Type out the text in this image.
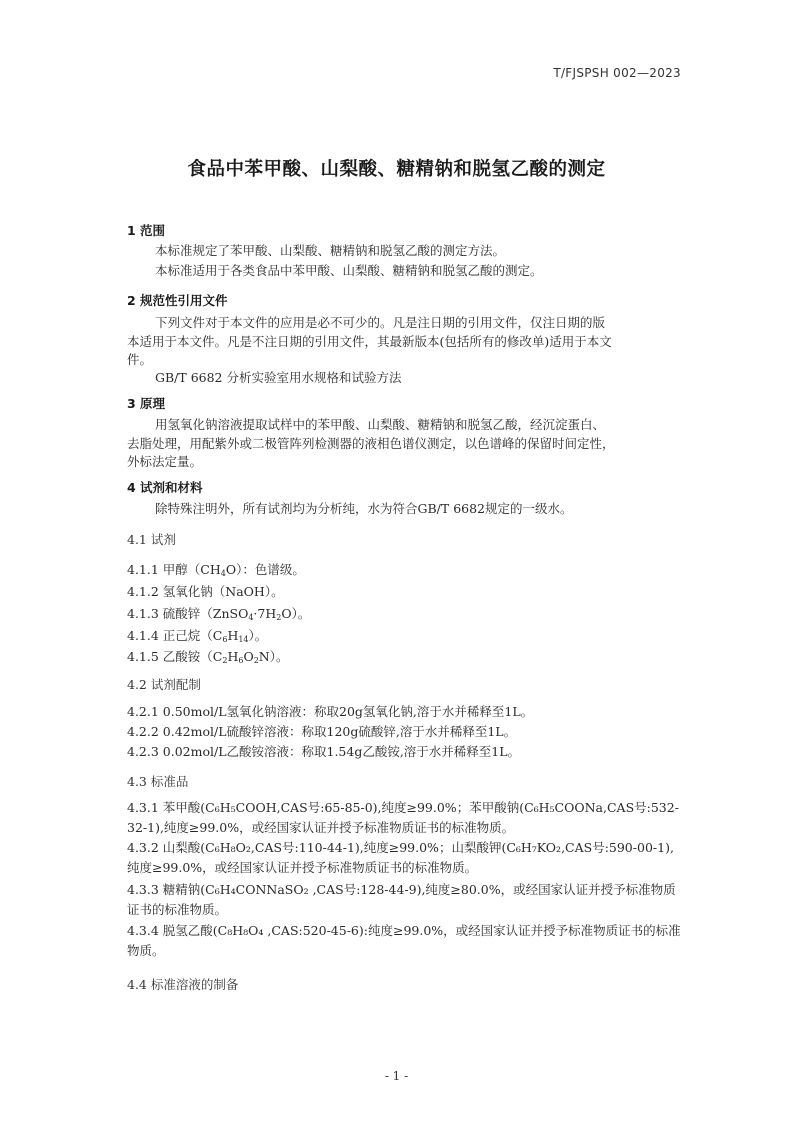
T/FJSPSH 002—2023
食品中苯甲酸、山梨酸、糖精钠和脱氢乙酸的测定
1 范围
本标准规定了苯甲酸、山梨酸、糖精钠和脱氢乙酸的测定方法。
本标准适用于各类食品中苯甲酸、山梨酸、糖精钠和脱氢乙酸的测定。
2 规范性引用文件
下列文件对于本文件的应用是必不可少的。凡是注日期的引用文件，仅注日期的版
本适用于本文件。凡是不注日期的引用文件，其最新版本(包括所有的修改单)适用于本文
件。
GB/T 6682 分析实验室用水规格和试验方法
3 原理
用氢氧化钠溶液提取试样中的苯甲酸、山梨酸、糖精钠和脱氢乙酸，经沉淀蛋白、
去脂处理，用配紫外或二极管阵列检测器的液相色谱仪测定，以色谱峰的保留时间定性，
外标法定量。
4 试剂和材料
除特殊注明外，所有试剂均为分析纯，水为符合GB/T 6682规定的一级水。
4.1 试剂
4.1.1 甲醇$(CH_4O)$：色谱级。
4.1.2 氢氧化钠（NaOH）。
4.1.3 硫酸锌$(ZnSO_4\cdot 7H_2O)$。
4.1.4 正己烷$(C_6H_{14})$。
4.1.5 乙酸铵$(C_2H_6O_2N)$。
4.2 试剂配制
4.2.1 0.50mol/L氢氧化钠溶液：称取20g氢氧化钠,溶于水并稀释至1L。
4.2.2 0.42mol/L硫酸锌溶液：称取120g硫酸锌,溶于水并稀释至1L。
4.2.3 0.02mol/L乙酸铵溶液：称取1.54g乙酸铵,溶于水并稀释至1L。
4.3 标准品
4.3.1 苯甲酸(C₆H₅COOH,CAS号:65-85-0),纯度≥99.0%；苯甲酸钠(C₆H₅COONa,CAS号:532-32-1),纯度≥99.0%，或经国家认证并授予标准物质证书的标准物质。
4.3.2 山梨酸(C₆H₈O₂,CAS号:110-44-1),纯度≥99.0%；山梨酸钾(C₆H₇KO₂,CAS号:590-00-1),纯度≥99.0%，或经国家认证并授予标准物质证书的标准物质。
4.3.3 糖精钠(C₆H₄CONNaSO₂ ,CAS号:128-44-9),纯度≥80.0%，或经国家认证并授予标准物质证书的标准物质。
4.3.4 脱氢乙酸(C₈H₈O₄ ,CAS:520-45-6):纯度≥99.0%，或经国家认证并授予标准物质证书的标准物质。
4.4 标准溶液的制备
- 1 -
